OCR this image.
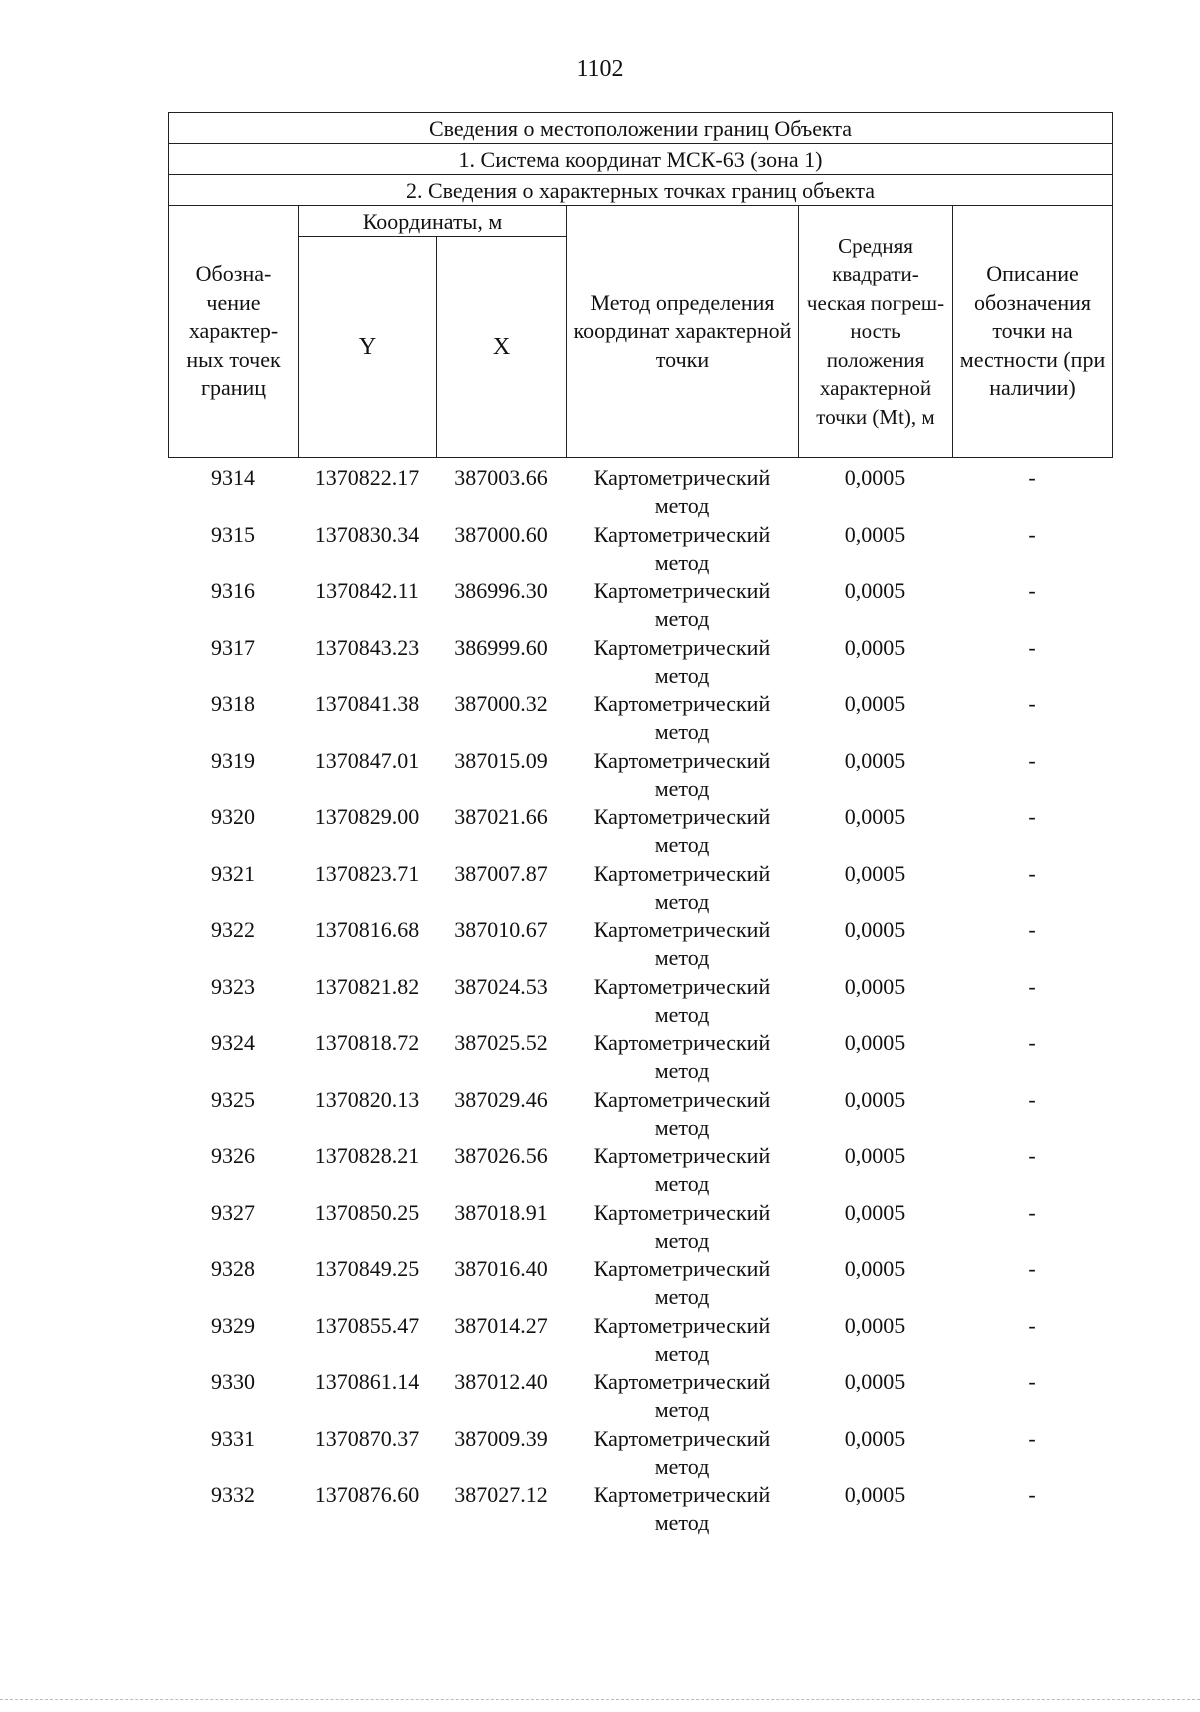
1102
Сведения о местоположении границ Объекта					
1. Система координат МСК-63 (зона 1)					
2. Сведения о характерных точках границ объекта					
Обозна-чение характер-ных точек границ	Координаты, м		Метод определения координат характерной точки	Средняя квадрати-ческая погреш-ность положения характерной точки (Mt), м	Описание обозначения точки на местности (при наличии)
	Y	X			
9314	1370822.17	387003.66	Картометрический метод	0,0005	-
9315	1370830.34	387000.60	Картометрический метод	0,0005	-
9316	1370842.11	386996.30	Картометрический метод	0,0005	-
9317	1370843.23	386999.60	Картометрический метод	0,0005	-
9318	1370841.38	387000.32	Картометрический метод	0,0005	-
9319	1370847.01	387015.09	Картометрический метод	0,0005	-
9320	1370829.00	387021.66	Картометрический метод	0,0005	-
9321	1370823.71	387007.87	Картометрический метод	0,0005	-
9322	1370816.68	387010.67	Картометрический метод	0,0005	-
9323	1370821.82	387024.53	Картометрический метод	0,0005	-
9324	1370818.72	387025.52	Картометрический метод	0,0005	-
9325	1370820.13	387029.46	Картометрический метод	0,0005	-
9326	1370828.21	387026.56	Картометрический метод	0,0005	-
9327	1370850.25	387018.91	Картометрический метод	0,0005	-
9328	1370849.25	387016.40	Картометрический метод	0,0005	-
9329	1370855.47	387014.27	Картометрический метод	0,0005	-
9330	1370861.14	387012.40	Картометрический метод	0,0005	-
9331	1370870.37	387009.39	Картометрический метод	0,0005	-
9332	1370876.60	387027.12	Картометрический метод	0,0005	-
